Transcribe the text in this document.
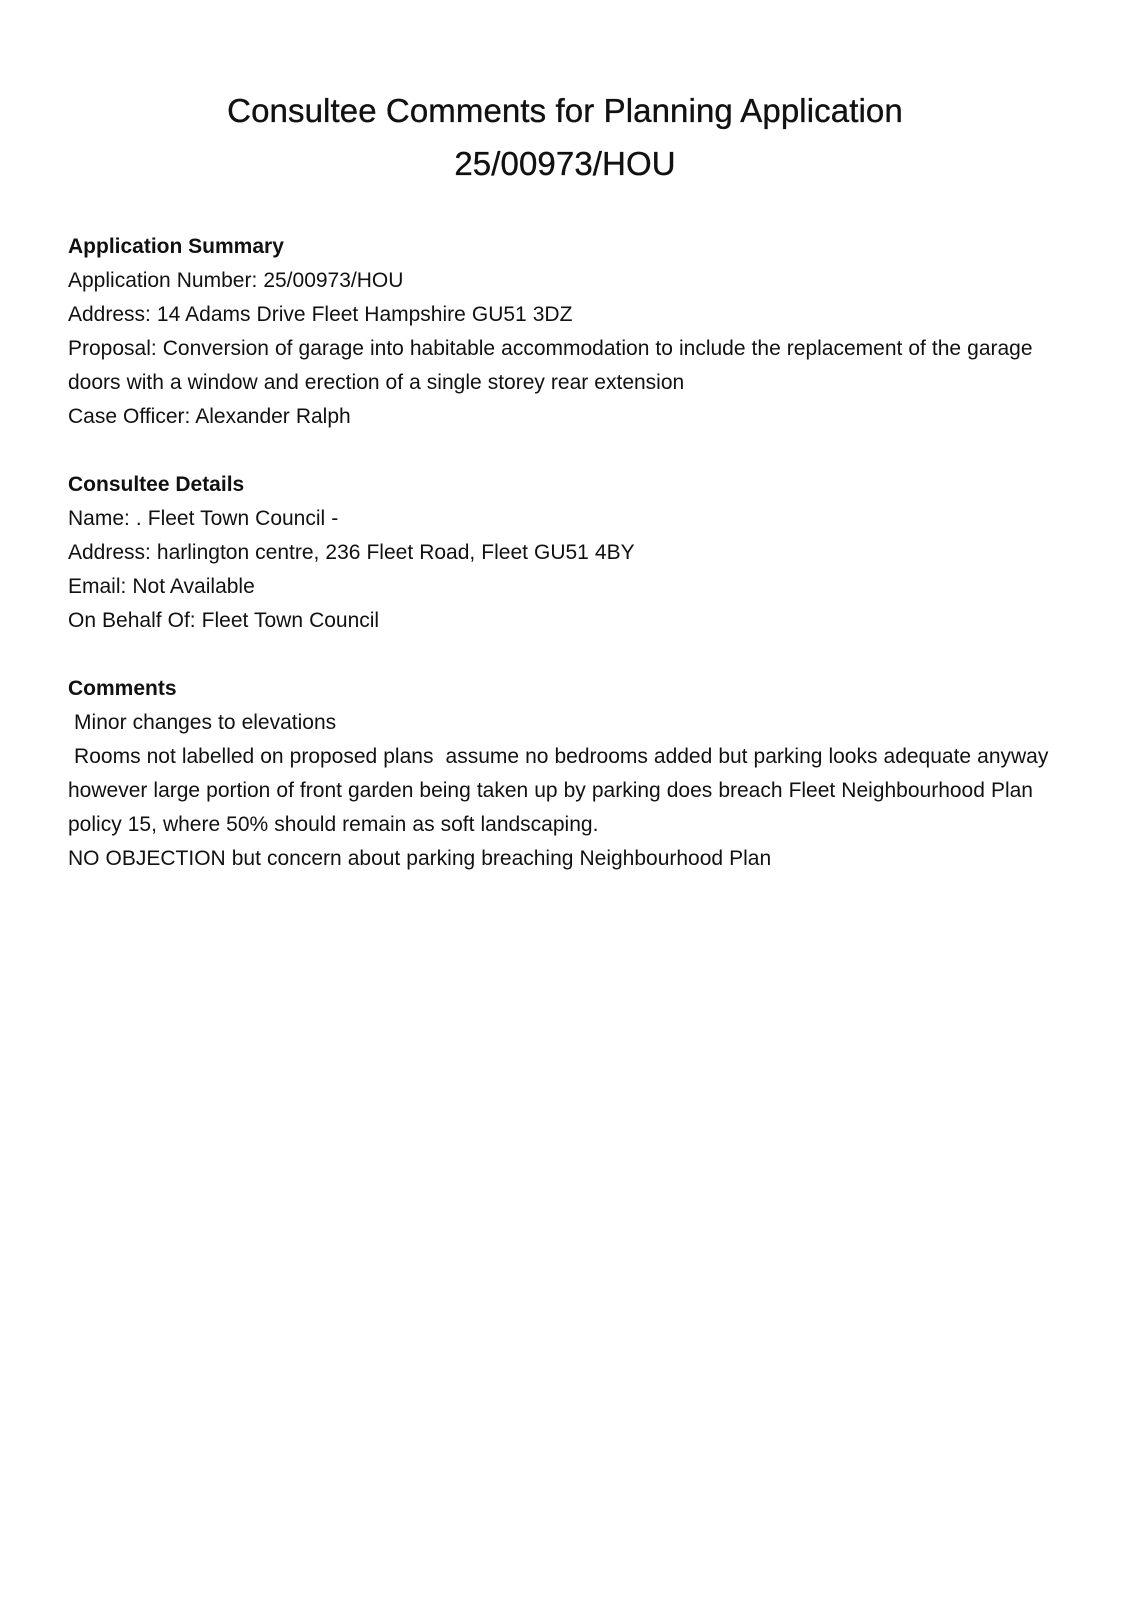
Consultee Comments for Planning Application
25/00973/HOU
Application Summary

Application Number: 25/00973/HOU

Address: 14 Adams Drive Fleet Hampshire GU51 3DZ

Proposal: Conversion of garage into habitable accommodation to include the replacement of the garage doors with a window and erection of a single storey rear extension

Case Officer: Alexander Ralph

Consultee Details

Name: . Fleet Town Council -

Address: harlington centre, 236 Fleet Road, Fleet GU51 4BY

Email: Not Available

On Behalf Of: Fleet Town Council

Comments

Minor changes to elevations

Rooms not labelled on proposed plans  assume no bedrooms added but parking looks adequate anyway however large portion of front garden being taken up by parking does breach Fleet Neighbourhood Plan policy 15, where 50% should remain as soft landscaping.

NO OBJECTION but concern about parking breaching Neighbourhood Plan
